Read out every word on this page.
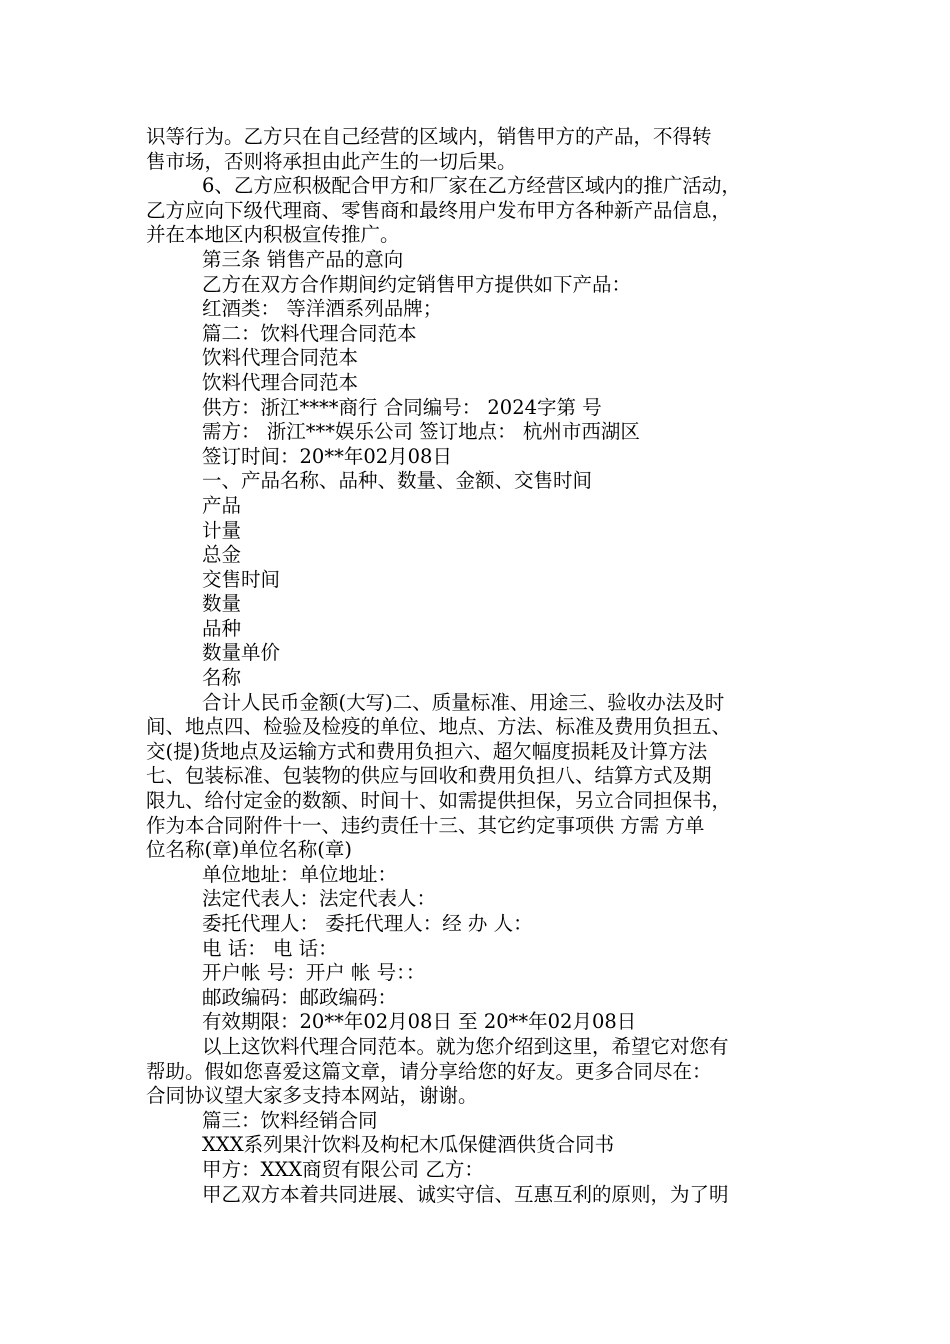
识等行为。乙方只在自己经营的区域内，销售甲方的产品，不得转
售市场，否则将承担由此产生的一切后果。
6、乙方应积极配合甲方和厂家在乙方经营区域内的推广活动，
乙方应向下级代理商、零售商和最终用户发布甲方各种新产品信息，
并在本地区内积极宣传推广。
第三条 销售产品的意向
乙方在双方合作期间约定销售甲方提供如下产品：
红酒类： 等洋酒系列品牌；
篇二：饮料代理合同范本
饮料代理合同范本
饮料代理合同范本
供方：浙江****商行 合同编号： 2024字第 号
需方： 浙江***娱乐公司 签订地点： 杭州市西湖区
签订时间：20**年02月08日
一、产品名称、品种、数量、金额、交售时间
产品
计量
总金
交售时间
数量
品种
数量单价
名称
合计人民币金额(大写)二、质量标准、用途三、验收办法及时
间、地点四、检验及检疫的单位、地点、方法、标准及费用负担五、
交(提)货地点及运输方式和费用负担六、超欠幅度损耗及计算方法
七、包装标准、包装物的供应与回收和费用负担八、结算方式及期
限九、给付定金的数额、时间十、如需提供担保，另立合同担保书，
作为本合同附件十一、违约责任十三、其它约定事项供 方需 方单
位名称(章)单位名称(章)
单位地址：单位地址：
法定代表人：法定代表人：
委托代理人： 委托代理人：经 办 人：
电 话： 电 话：
开户帐 号：开户 帐 号：：
邮政编码：邮政编码：
有效期限：20**年02月08日 至 20**年02月08日
以上这饮料代理合同范本。就为您介绍到这里，希望它对您有
帮助。假如您喜爱这篇文章，请分享给您的好友。更多合同尽在：
合同协议望大家多支持本网站，谢谢。
篇三：饮料经销合同
XXX系列果汁饮料及枸杞木瓜保健酒供货合同书
甲方：XXX商贸有限公司 乙方：
甲乙双方本着共同进展、诚实守信、互惠互利的原则，为了明
